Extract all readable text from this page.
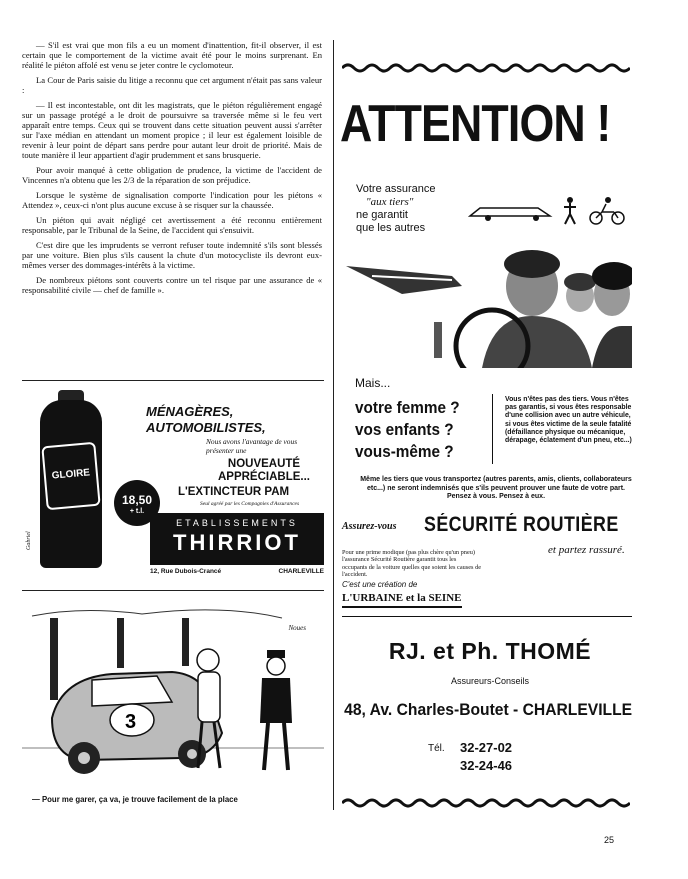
— S'il est vrai que mon fils a eu un moment d'inattention, fit-il observer, il est certain que le comportement de la victime avait été pour le moins surprenant. En réalité le piéton affolé est venu se jeter contre le cyclomoteur.

La Cour de Paris saisie du litige a reconnu que cet argument n'était pas sans valeur :

— Il est incontestable, ont dit les magistrats, que le piéton régulièrement engagé sur un passage protégé a le droit de poursuivre sa traversée même si le feu vert apparaît entre temps. Ceux qui se trouvent dans cette situation peuvent aussi s'arrêter sur l'axe médian en attendant un moment propice ; il leur est également loisible de revenir à leur point de départ sans perdre pour autant leur droit de priorité. Mais de toute manière il leur appartient d'agir prudemment et sans brusquerie.

Pour avoir manqué à cette obligation de prudence, la victime de l'accident de Vincennes n'a obtenu que les 2/3 de la réparation de son préjudice.

Lorsque le système de signalisation comporte l'indication pour les piétons « Attendez », ceux-ci n'ont plus aucune excuse à se risquer sur la chaussée.

Un piéton qui avait négligé cet avertissement a été reconnu entièrement responsable, par le Tribunal de la Seine, de l'accident qui s'ensuivit.

C'est dire que les imprudents se verront refuser toute indemnité s'ils sont blessés par une voiture. Bien plus s'ils causent la chute d'un motocycliste ils devront eux-mêmes verser des dommages-intérêts à la victime.

De nombreux piétons sont couverts contre un tel risque par une assurance de « responsabilité civile — chef de famille ».

GLOIRE
18,50
+ t.l.
MÉNAGÈRES,
AUTOMOBILISTES,
Nous avons l'avantage de vous présenter une
NOUVEAUTÉ
APPRÉCIABLE...
L'EXTINCTEUR PAM
Seul agréé par les Compagnies d'Assurances
ETABLISSEMENTS
THIRRIOT
12, Rue Dubois-Crancé	CHARLEVILLE
Gabriel
3
Noues
— Pour me garer, ça va, je trouve facilement de la place
ATTENTION !
Votre assurance
"aux tiers"
ne garantit
que les autres
Mais...
votre femme ?
vos enfants ?
vous-même ?
Vous n'êtes pas des tiers. Vous n'êtes pas garantis, si vous êtes responsable d'une collision avec un autre véhicule, si vous êtes victime de la seule fatalité (défaillance physique ou mécanique, dérapage, éclatement d'un pneu, etc...)
Même les tiers que vous transportez (autres parents, amis, clients, collaborateurs etc...) ne seront indemnisés que s'ils peuvent prouver une faute de votre part. Pensez à vous. Pensez à eux.
Assurez-vous SÉCURITÉ ROUTIÈRE
et partez rassuré.
Pour une prime modique (pas plus chère qu'un pneu) l'assurance Sécurité Routière garantit tous les occupants de la voiture quelles que soient les causes de l'accident.
C'est une création de
L'URBAINE et la SEINE
RJ. et Ph. THOMÉ
Assureurs-Conseils
48, Av. Charles-Boutet - CHARLEVILLE
Tél. 32-27-02
32-24-46
25
